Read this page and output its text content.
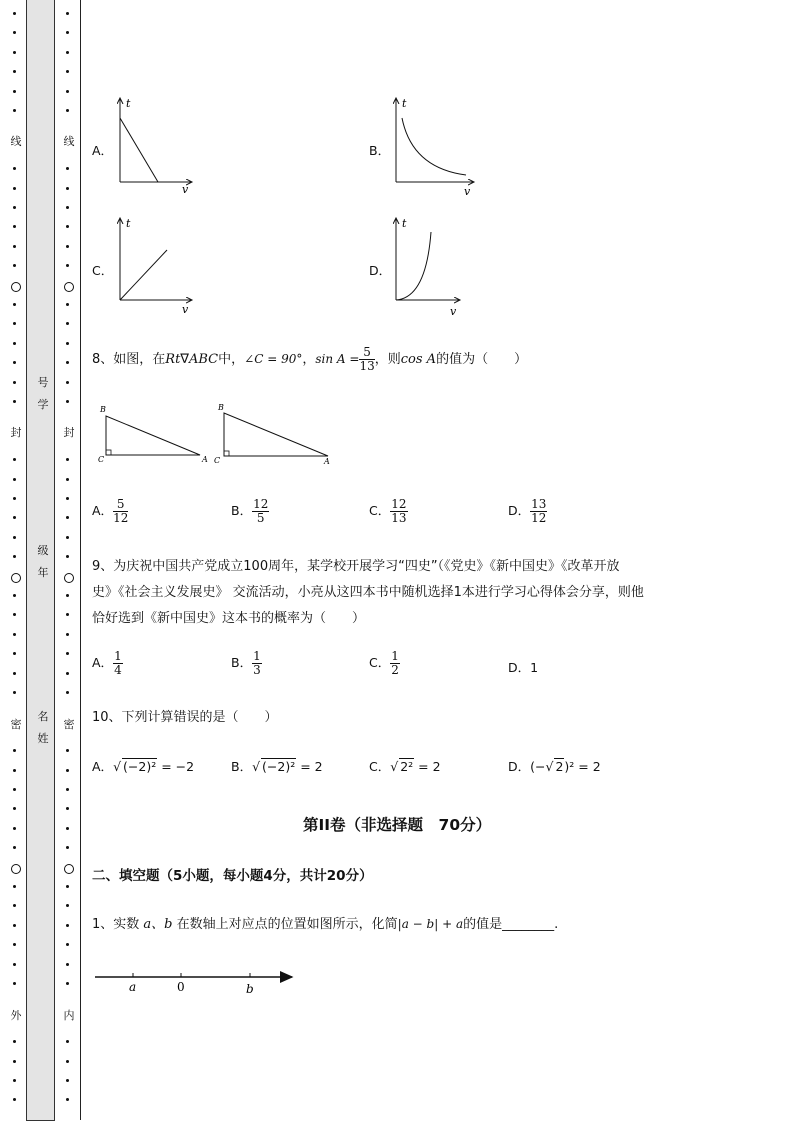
线
封
密
外
线
封
密
内
号学
级年
名姓
A．
t
v
B．
t
v
C．
t
v
D．
t
v
8、如图，在Rt∇ABC中，∠C = 90°，$\sin A = \frac{5}{13}$ ，则cos A的值为（　　）
B
C	A
B
C	A
A． $\frac{5}{12}$	B． $\frac{12}{5}$	C． $\frac{12}{13}$	D． $\frac{13}{12}$
9、为庆祝中国共产党成立100周年，某学校开展学习“四史”（《党史》《新中国史》《改革开放
史》《社会主义发展史》 交流活动，小亮从这四本书中随机选择1本进行学习心得体会分享，则他
恰好选到《新中国史》这本书的概率为（　　）
A． $\frac{1}{4}$	B． $\frac{1}{3}$	C． $\frac{1}{2}$	D．1
10、下列计算错误的是（　　）
A．√ (−2)² = −2	B．√ (−2)² = 2	C．√ 2² = 2	D．(−√ 2)² = 2
第II卷（非选择题　70分）
二、填空题（5小题，每小题4分，共计20分）
1、实数 a、b 在数轴上对应点的位置如图所示，化简|a − b| + a的值是________.
a	0	b
